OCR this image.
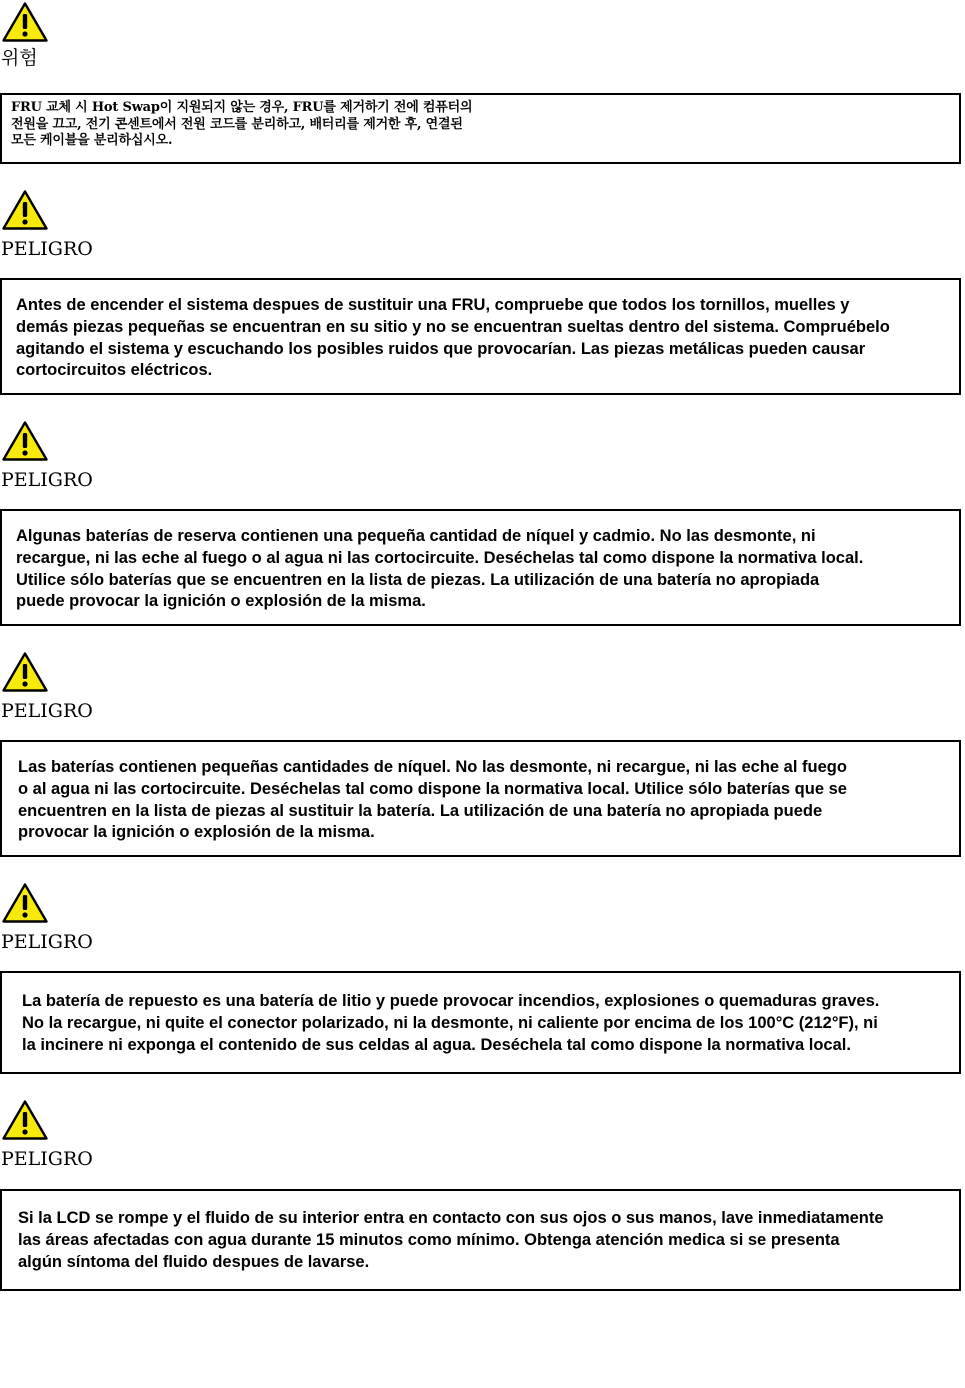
위험

FRU 교체 시 Hot Swap이 지원되지 않는 경우, FRU를 제거하기 전에 컴퓨터의
전원을 끄고, 전기 콘센트에서 전원 코드를 분리하고, 배터리를 제거한 후, 연결된
모든 케이블을 분리하십시오.

PELIGRO

Antes de encender el sistema despues de sustituir una FRU, compruebe que todos los tornillos, muelles y
demás piezas pequeñas se encuentran en su sitio y no se encuentran sueltas dentro del sistema. Compruébelo
agitando el sistema y escuchando los posibles ruidos que provocarían. Las piezas metálicas pueden causar
cortocircuitos eléctricos.

PELIGRO

Algunas baterías de reserva contienen una pequeña cantidad de níquel y cadmio. No las desmonte, ni
recargue, ni las eche al fuego o al agua ni las cortocircuite. Deséchelas tal como dispone la normativa local.
Utilice sólo baterías que se encuentren en la lista de piezas. La utilización de una batería no apropiada
puede provocar la ignición o explosión de la misma.

PELIGRO

Las baterías contienen pequeñas cantidades de níquel. No las desmonte, ni recargue, ni las eche al fuego
o al agua ni las cortocircuite. Deséchelas tal como dispone la normativa local. Utilice sólo baterías que se
encuentren en la lista de piezas al sustituir la batería. La utilización de una batería no apropiada puede
provocar la ignición o explosión de la misma.

PELIGRO

La batería de repuesto es una batería de litio y puede provocar incendios, explosiones o quemaduras graves.
No la recargue, ni quite el conector polarizado, ni la desmonte, ni caliente por encima de los 100°C (212°F), ni
la incinere ni exponga el contenido de sus celdas al agua. Deséchela tal como dispone la normativa local.

PELIGRO

Si la LCD se rompe y el fluido de su interior entra en contacto con sus ojos o sus manos, lave inmediatamente
las áreas afectadas con agua durante 15 minutos como mínimo. Obtenga atención medica si se presenta
algún síntoma del fluido despues de lavarse.
